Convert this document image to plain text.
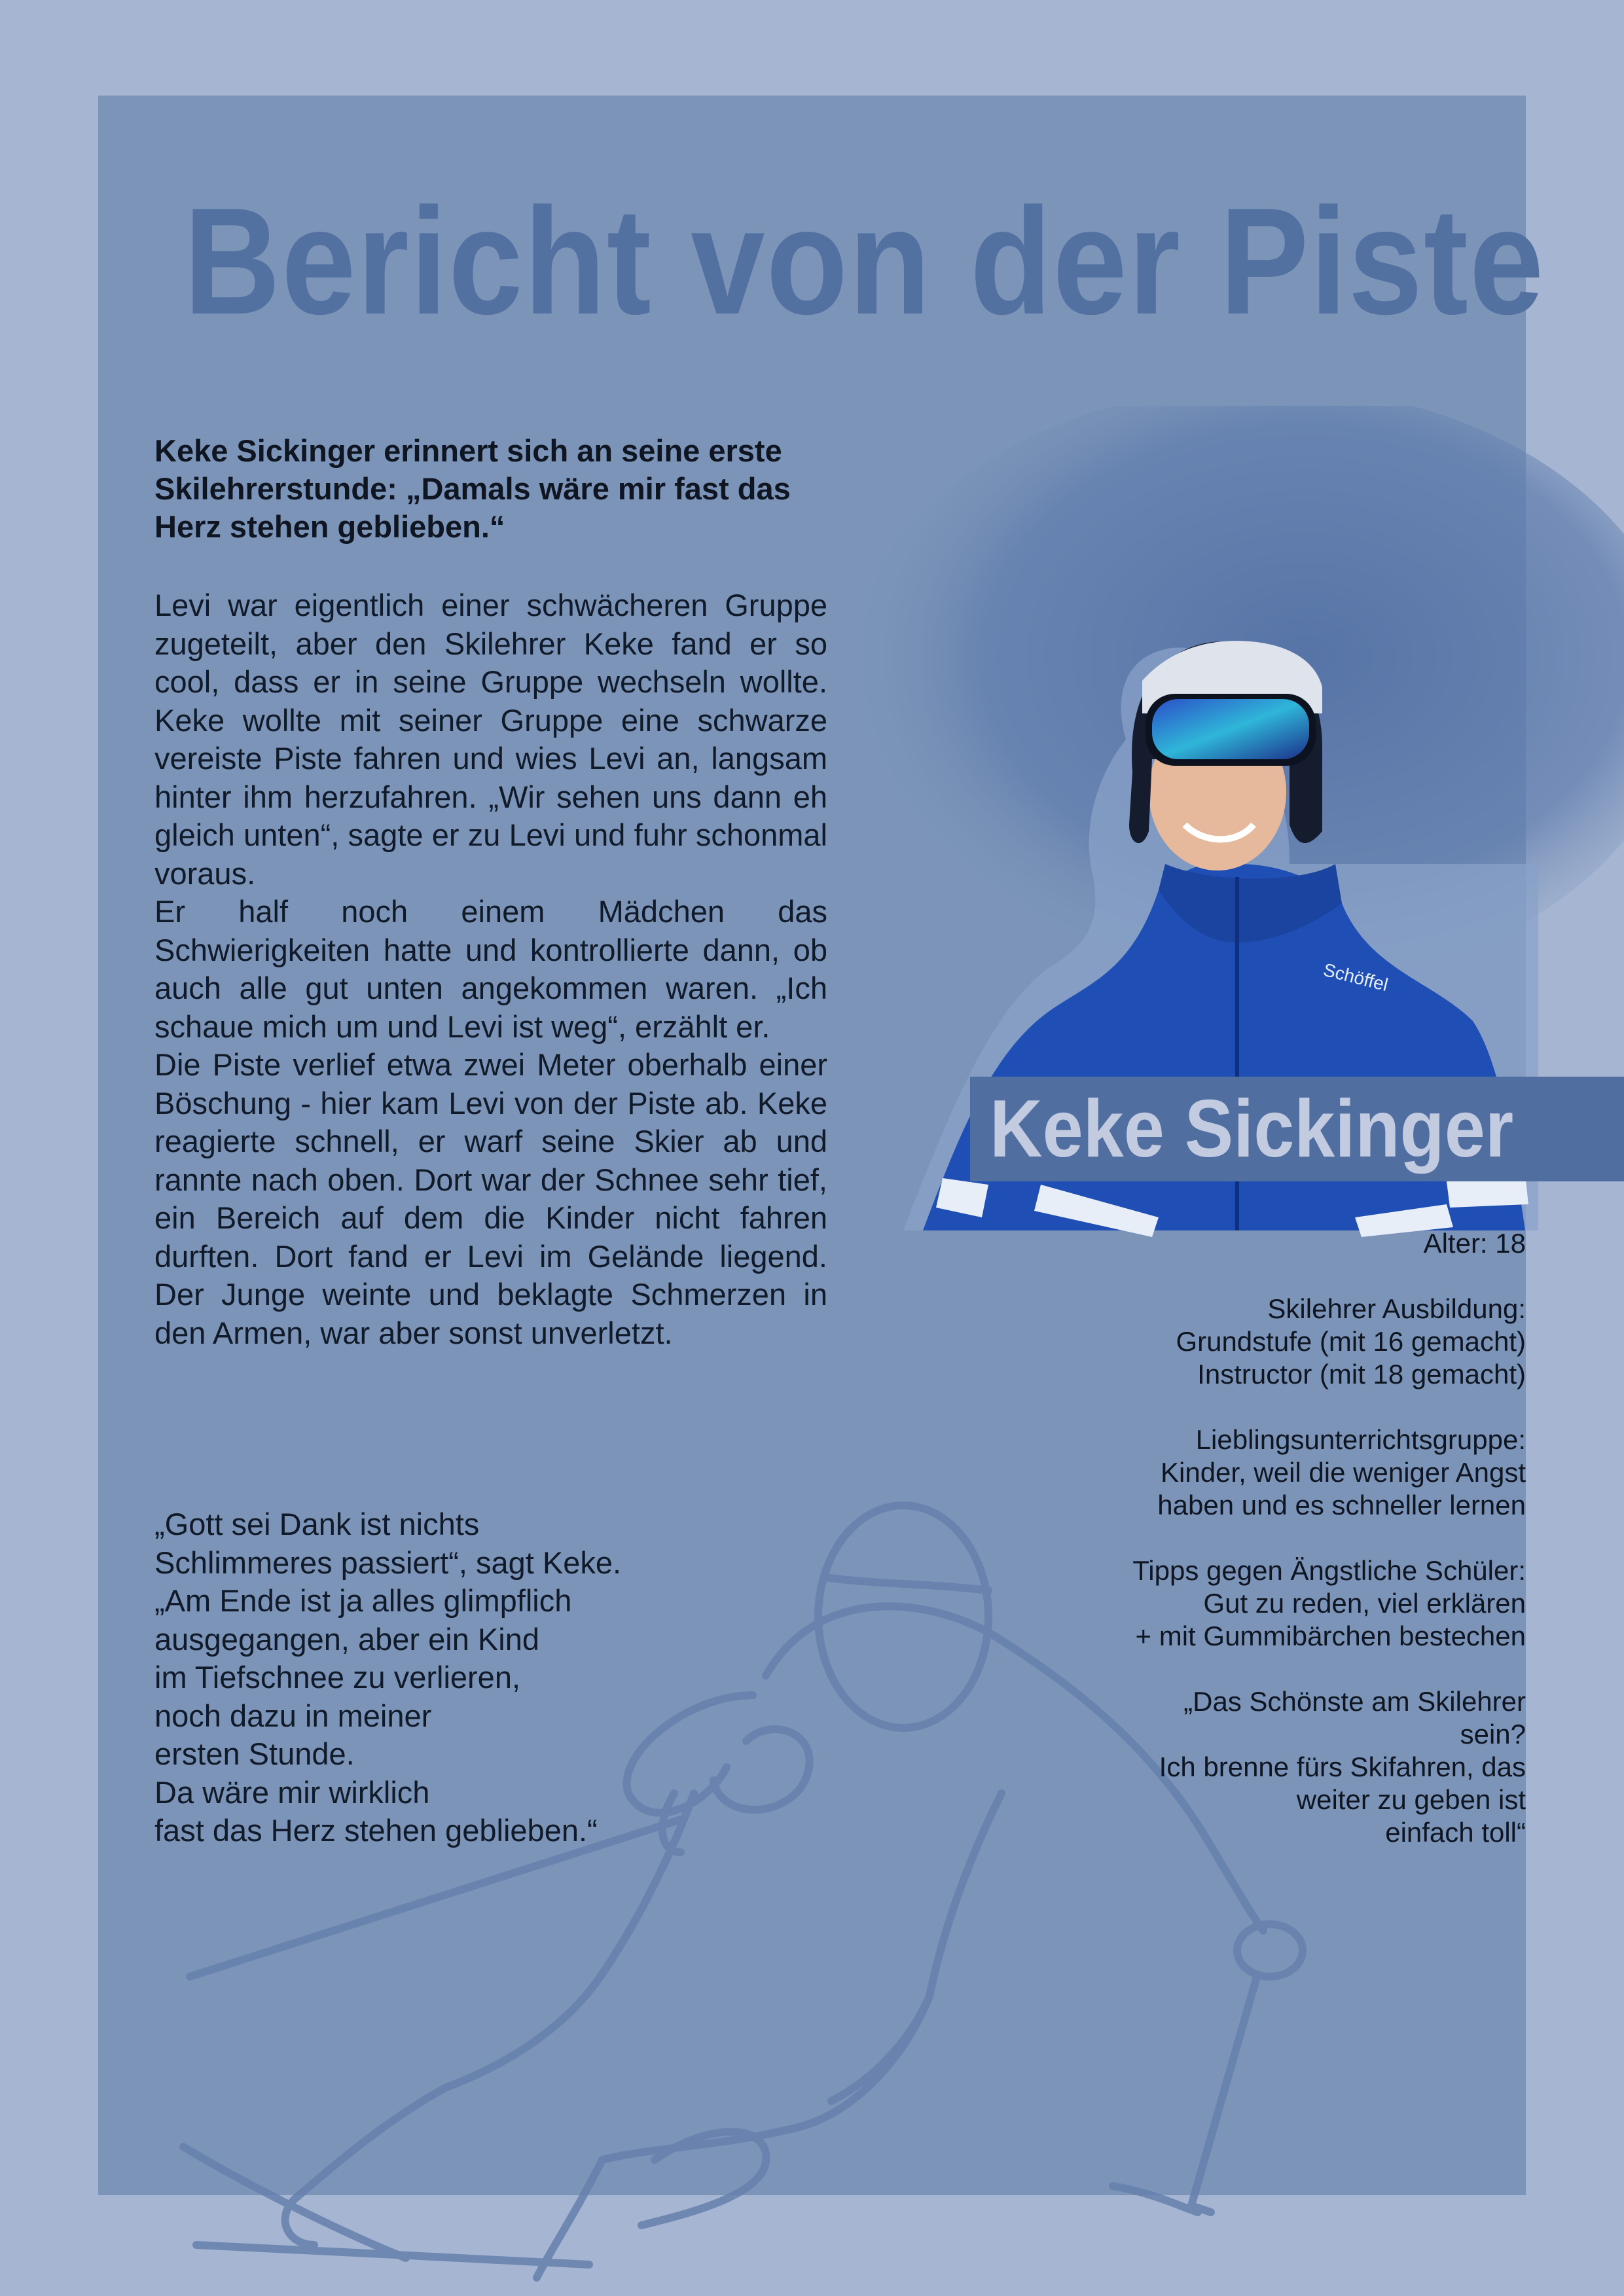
Bericht von der Piste

Keke Sickinger erinnert sich an seine erste Skilehrerstunde: „Damals wäre mir fast das Herz stehen geblieben.“

Levi war eigentlich einer schwächeren Gruppe zugeteilt, aber den Skilehrer Keke fand er so cool, dass er in seine Gruppe wechseln wollte. Keke wollte mit seiner Gruppe eine schwarze vereiste Piste fahren und wies Levi an, langsam hinter ihm herzufahren. „Wir sehen uns dann eh gleich unten“, sagte er zu Levi und fuhr schonmal voraus.

Er half noch einem Mädchen das Schwierigkeiten hatte und kontrollierte dann, ob auch alle gut unten angekommen waren. „Ich schaue mich um und Levi ist weg“, erzählt er.

Die Piste verlief etwa zwei Meter oberhalb einer Böschung - hier kam Levi von der Piste ab. Keke reagierte schnell, er warf seine Skier ab und rannte nach oben. Dort war der Schnee sehr tief, ein Bereich auf dem die Kinder nicht fahren durften. Dort fand er Levi im Gelände liegend. Der Junge weinte und beklagte Schmerzen in den Armen, war aber sonst unverletzt.

„Gott sei Dank ist nichts
Schlimmeres passiert“, sagt Keke.
„Am Ende ist ja alles glimpflich
ausgegangen, aber ein Kind
im Tiefschnee zu verlieren,
noch dazu in meiner
ersten Stunde.
Da wäre mir wirklich
fast das Herz stehen geblieben.“
Schöffel
Keke Sickinger
Alter: 18
Skilehrer Ausbildung:
Grundstufe (mit 16 gemacht)
Instructor (mit 18 gemacht)
Lieblingsunterrichtsgruppe:
Kinder, weil die weniger Angst
haben und es schneller lernen
Tipps gegen Ängstliche Schüler:
Gut zu reden, viel erklären
+ mit Gummibärchen bestechen
„Das Schönste am Skilehrer
sein?
Ich brenne fürs Skifahren, das
weiter zu geben ist
einfach toll“
